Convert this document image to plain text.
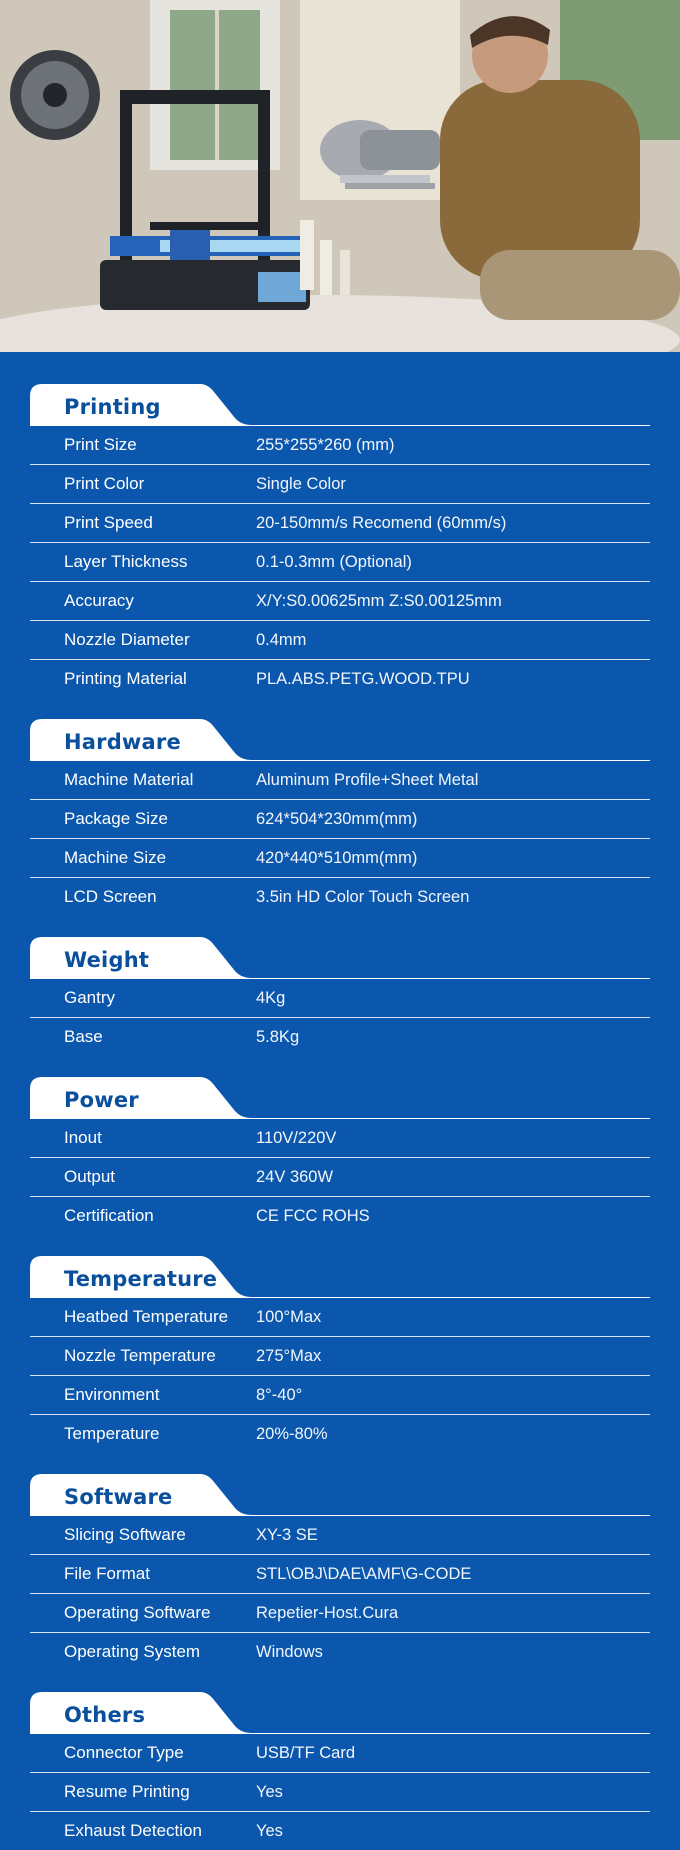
Printing
Print Size	255*255*260 (mm)
Print Color	Single Color
Print Speed	20-150mm/s Recomend (60mm/s)
Layer Thickness	0.1-0.3mm (Optional)
Accuracy	X/Y:S0.00625mm Z:S0.00125mm
Nozzle Diameter	0.4mm
Printing Material	PLA.ABS.PETG.WOOD.TPU
Hardware
Machine Material	Aluminum Profile+Sheet Metal
Package Size	624*504*230mm(mm)
Machine Size	420*440*510mm(mm)
LCD Screen	3.5in HD Color Touch Screen
Weight
Gantry	4Kg
Base	5.8Kg
Power
Inout	110V/220V
Output	24V 360W
Certification	CE FCC ROHS
Temperature
Heatbed Temperature	100°Max
Nozzle Temperature	275°Max
Environment	8°-40°
Temperature	20%-80%
Software
Slicing Software	XY-3 SE
File Format	STL\OBJ\DAE\AMF\G-CODE
Operating Software	Repetier-Host.Cura
Operating System	Windows
Others
Connector Type	USB/TF Card
Resume Printing	Yes
Exhaust Detection	Yes
